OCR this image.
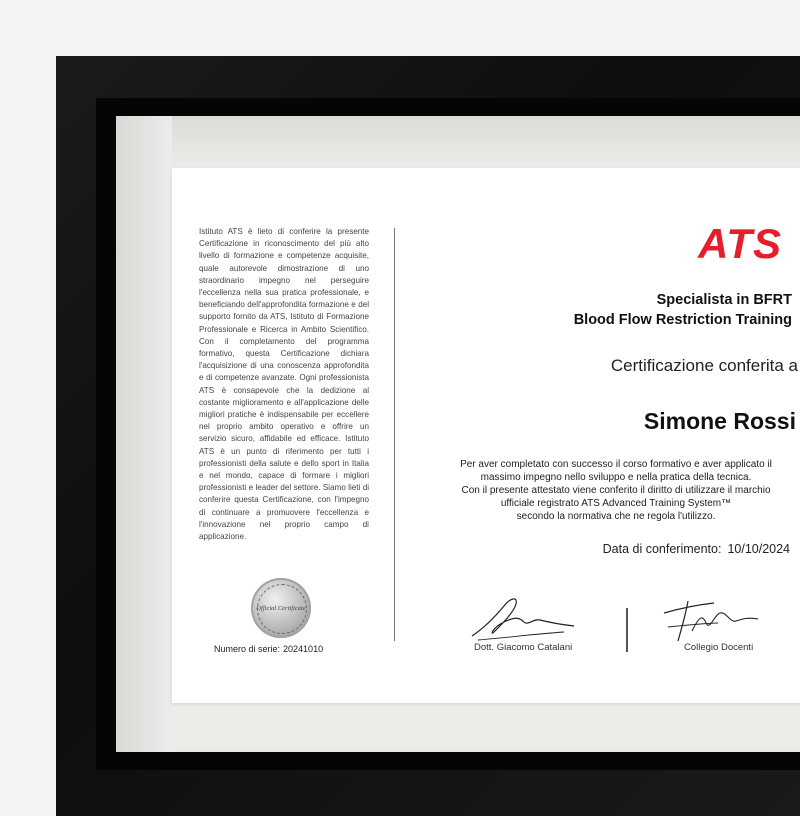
Istituto ATS è lieto di conferire la presente Certificazione in riconoscimento del più alto livello di formazione e competenze acquisite, quale autorevole dimostrazione di uno straordinario impegno nel perseguire l'eccellenza nella sua pratica professionale, e beneficiando dell'approfondita formazione e del supporto fornito da ATS, Istituto di Formazione Professionale e Ricerca in Ambito Scientifico. Con il completamento del programma formativo, questa Certificazione dichiara l'acquisizione di una conoscenza approfondita e di competenze avanzate. Ogni professionista ATS è consapevole che la dedizione al costante miglioramento e all'applicazione delle migliori pratiche è indispensabile per eccellere nel proprio ambito operativo e offrire un servizio sicuro, affidabile ed efficace. Istituto ATS è un punto di riferimento per tutti i professionisti della salute e dello sport in Italia e nel mondo, capace di formare i migliori professionisti e leader del settore. Siamo lieti di conferire questa Certificazione, con l'impegno di continuare a promuovere l'eccellenza e l'innovazione nel proprio campo di applicazione.
Official Certificate
Numero di serie: 20241010
ATS
Specialista in BFRT
Blood Flow Restriction Training
Certificazione conferita a
Simone Rossi
Per aver completato con successo il corso formativo e aver applicato il
massimo impegno nello sviluppo e nella pratica della tecnica.
Con il presente attestato viene conferito il diritto di utilizzare il marchio
ufficiale registrato ATS Advanced Training System™
secondo la normativa che ne regola l'utilizzo.
Data di conferimento: 10/10/2024
Dott. Giacomo Catalani	Collegio Docenti
